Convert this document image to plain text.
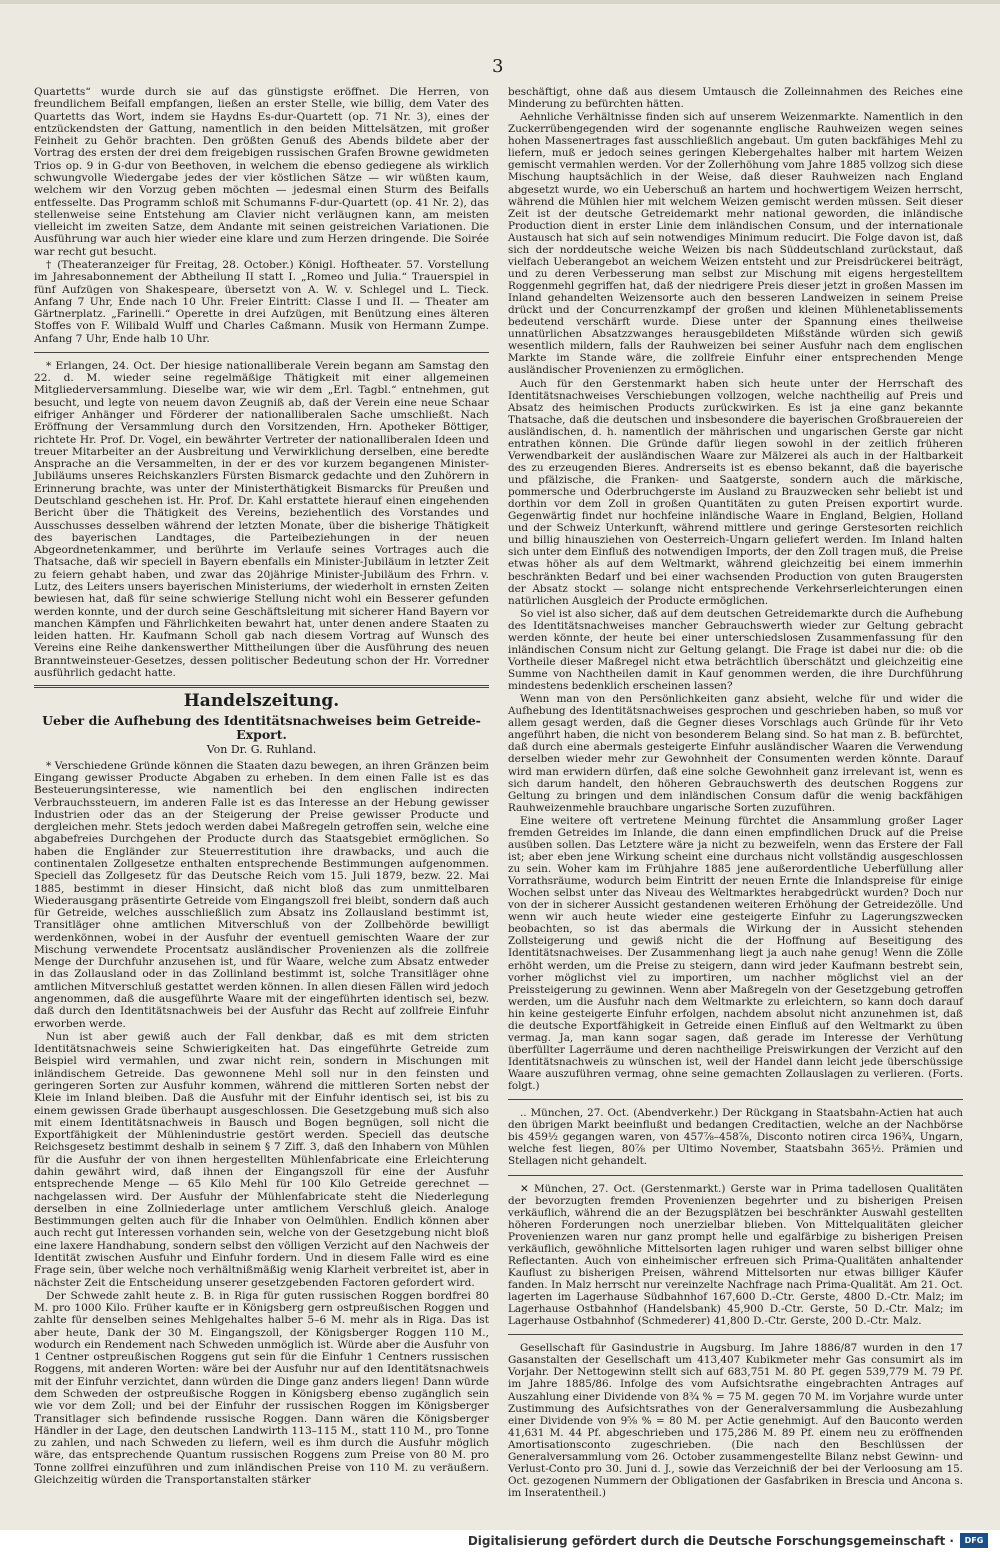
3

Quartetts“ wurde durch sie auf das günstigste eröffnet. Die Herren, von freundlichem Beifall empfangen, ließen an erster Stelle, wie billig, dem Vater des Quartetts das Wort, indem sie Haydns Es-dur-Quartett (op. 71 Nr. 3), eines der entzückendsten der Gattung, namentlich in den beiden Mittelsätzen, mit großer Feinheit zu Gehör brachten. Den größten Genuß des Abends bildete aber der Vortrag des ersten der drei dem freigebigen russischen Grafen Browne gewidmeten Trios op. 9 in G-dur von Beethoven, in welchem die ebenso gediegene als wirklich schwungvolle Wiedergabe jedes der vier köstlichen Sätze — wir wüßten kaum, welchem wir den Vorzug geben möchten — jedesmal einen Sturm des Beifalls entfesselte. Das Programm schloß mit Schumanns F-dur-Quartett (op. 41 Nr. 2), das stellenweise seine Entstehung am Clavier nicht verläugnen kann, am meisten vielleicht im zweiten Satze, dem Andante mit seinen geistreichen Variationen. Die Ausführung war auch hier wieder eine klare und zum Herzen dringende. Die Soirée war recht gut besucht.

† (Theateranzeiger für Freitag, 28. October.) Königl. Hoftheater. 57. Vorstellung im Jahresabonnement der Abtheilung II statt I. „Romeo und Julia.“ Trauerspiel in fünf Aufzügen von Shakespeare, übersetzt von A. W. v. Schlegel und L. Tieck. Anfang 7 Uhr, Ende nach 10 Uhr. Freier Eintritt: Classe I und II. — Theater am Gärtnerplatz. „Farinelli.“ Operette in drei Aufzügen, mit Benützung eines älteren Stoffes von F. Wilibald Wulff und Charles Caßmann. Musik von Hermann Zumpe. Anfang 7 Uhr, Ende halb 10 Uhr.

* Erlangen, 24. Oct. Der hiesige nationalliberale Verein begann am Samstag den 22. d. M. wieder seine regelmäßige Thätigkeit mit einer allgemeinen Mitgliederversammlung. Dieselbe war, wie wir dem „Erl. Tagbl.“ entnehmen, gut besucht, und legte von neuem davon Zeugniß ab, daß der Verein eine neue Schaar eifriger Anhänger und Förderer der nationalliberalen Sache umschließt. Nach Eröffnung der Versammlung durch den Vorsitzenden, Hrn. Apotheker Böttiger, richtete Hr. Prof. Dr. Vogel, ein bewährter Vertreter der nationalliberalen Ideen und treuer Mitarbeiter an der Ausbreitung und Verwirklichung derselben, eine beredte Ansprache an die Versammelten, in der er des vor kurzem begangenen Minister-Jubiläums unseres Reichskanzlers Fürsten Bismarck gedachte und den Zuhörern in Erinnerung brachte, was unter der Ministerthätigkeit Bismarcks für Preußen und Deutschland geschehen ist. Hr. Prof. Dr. Kahl erstattete hierauf einen eingehenden Bericht über die Thätigkeit des Vereins, beziehentlich des Vorstandes und Ausschusses desselben während der letzten Monate, über die bisherige Thätigkeit des bayerischen Landtages, die Parteibeziehungen in der neuen Abgeordnetenkammer, und berührte im Verlaufe seines Vortrages auch die Thatsache, daß wir speciell in Bayern ebenfalls ein Minister-Jubiläum in letzter Zeit zu feiern gehabt haben, und zwar das 20jährige Minister-Jubiläum des Frhrn. v. Lutz, des Leiters unsers bayerischen Ministeriums, der wiederholt in ernsten Zeiten bewiesen hat, daß für seine schwierige Stellung nicht wohl ein Besserer gefunden werden konnte, und der durch seine Geschäftsleitung mit sicherer Hand Bayern vor manchen Kämpfen und Fährlichkeiten bewahrt hat, unter denen andere Staaten zu leiden hatten. Hr. Kaufmann Scholl gab nach diesem Vortrag auf Wunsch des Vereins eine Reihe dankenswerther Mittheilungen über die Ausführung des neuen Branntweinsteuer-Gesetzes, dessen politischer Bedeutung schon der Hr. Vorredner ausführlich gedacht hatte.

Handelszeitung.
Ueber die Aufhebung des Identitätsnachweises beim Getreide-Export.
Von Dr. G. Ruhland.

* Verschiedene Gründe können die Staaten dazu bewegen, an ihren Gränzen beim Eingang gewisser Producte Abgaben zu erheben. In dem einen Falle ist es das Besteuerungsinteresse, wie namentlich bei den englischen indirecten Verbrauchssteuern, im anderen Falle ist es das Interesse an der Hebung gewisser Industrien oder das an der Steigerung der Preise gewisser Producte und dergleichen mehr. Stets jedoch werden dabei Maßregeln getroffen sein, welche eine abgabefreies Durchgehen der Producte durch das Staatsgebiet ermöglichen. So haben die Engländer zur Steuerrestitution ihre drawbacks, und auch die continentalen Zollgesetze enthalten entsprechende Bestimmungen aufgenommen. Speciell das Zollgesetz für das Deutsche Reich vom 15. Juli 1879, bezw. 22. Mai 1885, bestimmt in dieser Hinsicht, daß nicht bloß das zum unmittelbaren Wiederausgang präsentirte Getreide vom Eingangszoll frei bleibt, sondern daß auch für Getreide, welches ausschließlich zum Absatz ins Zollausland bestimmt ist, Transitläger ohne amtlichen Mitverschluß von der Zollbehörde bewilligt werdenkönnen, wobei in der Ausfuhr der eventuell gemischten Waare der zur Mischung verwendete Procentsatz ausländischer Provenienzen als die zollfreie Menge der Durchfuhr anzusehen ist, und für Waare, welche zum Absatz entweder in das Zollausland oder in das Zollinland bestimmt ist, solche Transitläger ohne amtlichen Mitverschluß gestattet werden können. In allen diesen Fällen wird jedoch angenommen, daß die ausgeführte Waare mit der eingeführten identisch sei, bezw. daß durch den Identitätsnachweis bei der Ausfuhr das Recht auf zollfreie Einfuhr erworben werde.

Nun ist aber gewiß auch der Fall denkbar, daß es mit dem stricten Identitätsnachweis seine Schwierigkeiten hat. Das eingeführte Getreide zum Beispiel wird vermahlen, und zwar nicht rein, sondern in Mischungen mit inländischem Getreide. Das gewonnene Mehl soll nur in den feinsten und geringeren Sorten zur Ausfuhr kommen, während die mittleren Sorten nebst der Kleie im Inland bleiben. Daß die Ausfuhr mit der Einfuhr identisch sei, ist bis zu einem gewissen Grade überhaupt ausgeschlossen. Die Gesetzgebung muß sich also mit einem Identitätsnachweis in Bausch und Bogen begnügen, soll nicht die Exportfähigkeit der Mühlenindustrie gestört werden. Speciell das deutsche Reichsgesetz bestimmt deshalb in seinem § 7 Ziff. 3, daß den Inhabern von Mühlen für die Ausfuhr der von ihnen hergestellten Mühlenfabricate eine Erleichterung dahin gewährt wird, daß ihnen der Eingangszoll für eine der Ausfuhr entsprechende Menge — 65 Kilo Mehl für 100 Kilo Getreide gerechnet — nachgelassen wird. Der Ausfuhr der Mühlenfabricate steht die Niederlegung derselben in eine Zollniederlage unter amtlichem Verschluß gleich. Analoge Bestimmungen gelten auch für die Inhaber von Oelmühlen. Endlich können aber auch recht gut Interessen vorhanden sein, welche von der Gesetzgebung nicht bloß eine laxere Handhabung, sondern selbst den völligen Verzicht auf den Nachweis der Identität zwischen Ausfuhr und Einfuhr fordern. Und in diesem Falle wird es eine Frage sein, über welche noch verhältnißmäßig wenig Klarheit verbreitet ist, aber in nächster Zeit die Entscheidung unserer gesetzgebenden Factoren gefordert wird.

Der Schwede zahlt heute z. B. in Riga für guten russischen Roggen bordfrei 80 M. pro 1000 Kilo. Früher kaufte er in Königsberg gern ostpreußischen Roggen und zahlte für denselben seines Mehlgehaltes halber 5–6 M. mehr als in Riga. Das ist aber heute, Dank der 30 M. Eingangszoll, der Königsberger Roggen 110 M., wodurch ein Rendement nach Schweden unmöglich ist. Würde aber die Ausfuhr von 1 Centner ostpreußischen Roggens gut sein für die Einfuhr 1 Centners russischen Roggens, mit anderen Worten: wäre bei der Ausfuhr nur auf den Identitätsnachweis mit der Einfuhr verzichtet, dann würden die Dinge ganz anders liegen! Dann würde dem Schweden der ostpreußische Roggen in Königsberg ebenso zugänglich sein wie vor dem Zoll; und bei der Einfuhr der russischen Roggen im Königsberger Transitlager sich befindende russische Roggen. Dann wären die Königsberger Händler in der Lage, den deutschen Landwirth 113–115 M., statt 110 M., pro Tonne zu zahlen, und nach Schweden zu liefern, weil es ihm durch die Ausfuhr möglich wäre, das entsprechende Quantum russischen Roggens zum Preise von 80 M. pro Tonne zollfrei einzuführen und zum inländischen Preise von 110 M. zu veräußern. Gleichzeitig würden die Transportanstalten stärker

beschäftigt, ohne daß aus diesem Umtausch die Zolleinnahmen des Reiches eine Minderung zu befürchten hätten.

Aehnliche Verhältnisse finden sich auf unserem Weizenmarkte. Namentlich in den Zuckerrübengegenden wird der sogenannte englische Rauhweizen wegen seines hohen Massenertrages fast ausschließlich angebaut. Um guten backfähiges Mehl zu liefern, muß er jedoch seines geringen Klebergehaltes halber mit hartem Weizen gemischt vermahlen werden. Vor der Zollerhöhung vom Jahre 1885 vollzog sich diese Mischung hauptsächlich in der Weise, daß dieser Rauhweizen nach England abgesetzt wurde, wo ein Ueberschuß an hartem und hochwertigem Weizen herrscht, während die Mühlen hier mit welchem Weizen gemischt werden müssen. Seit dieser Zeit ist der deutsche Getreidemarkt mehr national geworden, die inländische Production dient in erster Linie dem inländischen Consum, und der internationale Austausch hat sich auf sein notwendiges Minimum reducirt. Die Folge davon ist, daß sich der norddeutsche weiche Weizen bis nach Süddeutschland zurückstaut, daß vielfach Ueberangebot an weichem Weizen entsteht und zur Preisdrückerei beiträgt, und zu deren Verbesserung man selbst zur Mischung mit eigens hergestelltem Roggenmehl gegriffen hat, daß der niedrigere Preis dieser jetzt in großen Massen im Inland gehandelten Weizensorte auch den besseren Landweizen in seinem Preise drückt und der Concurrenzkampf der großen und kleinen Mühlenetablissements bedeutend verschärft wurde. Diese unter der Spannung eines theilweise unnatürlichen Absatzzwanges herausgebildeten Mißstände würden sich gewiß wesentlich mildern, falls der Rauhweizen bei seiner Ausfuhr nach dem englischen Markte im Stande wäre, die zollfreie Einfuhr einer entsprechenden Menge ausländischer Provenienzen zu ermöglichen.

Auch für den Gerstenmarkt haben sich heute unter der Herrschaft des Identitätsnachweises Verschiebungen vollzogen, welche nachtheilig auf Preis und Absatz des heimischen Products zurückwirken. Es ist ja eine ganz bekannte Thatsache, daß die deutschen und insbesondere die bayerischen Großbrauereien der ausländischen, d. h. namentlich der mährischen und ungarischen Gerste gar nicht entrathen können. Die Gründe dafür liegen sowohl in der zeitlich früheren Verwendbarkeit der ausländischen Waare zur Mälzerei als auch in der Haltbarkeit des zu erzeugenden Bieres. Andrerseits ist es ebenso bekannt, daß die bayerische und pfälzische, die Franken- und Saatgerste, sondern auch die märkische, pommersche und Oderbruchgerste im Ausland zu Brauzwecken sehr beliebt ist und dorthin vor dem Zoll in großen Quantitäten zu guten Preisen exportirt wurde. Gegenwärtig findet nur hochfeine inländische Waare in England, Belgien, Holland und der Schweiz Unterkunft, während mittlere und geringe Gerstesorten reichlich und billig hinausziehen von Oesterreich-Ungarn geliefert werden. Im Inland halten sich unter dem Einfluß des notwendigen Imports, der den Zoll tragen muß, die Preise etwas höher als auf dem Weltmarkt, während gleichzeitig bei einem immerhin beschränkten Bedarf und bei einer wachsenden Production von guten Braugersten der Absatz stockt — solange nicht entsprechende Verkehrserleichterungen einen natürlichen Ausgleich der Producte ermöglichen.

So viel ist also sicher, daß auf dem deutschen Getreidemarkte durch die Aufhebung des Identitätsnachweises mancher Gebrauchswerth wieder zur Geltung gebracht werden könnte, der heute bei einer unterschiedslosen Zusammenfassung für den inländischen Consum nicht zur Geltung gelangt. Die Frage ist dabei nur die: ob die Vortheile dieser Maßregel nicht etwa beträchtlich überschätzt und gleichzeitig eine Summe von Nachtheilen damit in Kauf genommen werden, die ihre Durchführung mindestens bedenklich erscheinen lassen?

Wenn man von den Persönlichkeiten ganz absieht, welche für und wider die Aufhebung des Identitätsnachweises gesprochen und geschrieben haben, so muß vor allem gesagt werden, daß die Gegner dieses Vorschlags auch Gründe für ihr Veto angeführt haben, die nicht von besonderem Belang sind. So hat man z. B. befürchtet, daß durch eine abermals gesteigerte Einfuhr ausländischer Waaren die Verwendung derselben wieder mehr zur Gewohnheit der Consumenten werden könnte. Darauf wird man erwidern dürfen, daß eine solche Gewohnheit ganz irrelevant ist, wenn es sich darum handelt, den höheren Gebrauchswerth des deutschen Roggens zur Geltung zu bringen und dem inländischen Consum dafür die wenig backfähigen Rauhweizenmehle brauchbare ungarische Sorten zuzuführen.

Eine weitere oft vertretene Meinung fürchtet die Ansammlung großer Lager fremden Getreides im Inlande, die dann einen empfindlichen Druck auf die Preise ausüben sollen. Das Letztere wäre ja nicht zu bezweifeln, wenn das Erstere der Fall ist; aber eben jene Wirkung scheint eine durchaus nicht vollständig ausgeschlossen zu sein. Woher kam im Frühjahre 1885 jene außerordentliche Ueberfüllung aller Vorrathsräume, wodurch beim Eintritt der neuen Ernte die Inlandspreise für einige Wochen selbst unter das Niveau des Weltmarktes herabgedrückt wurden? Doch nur von der in sicherer Aussicht gestandenen weiteren Erhöhung der Getreidezölle. Und wenn wir auch heute wieder eine gesteigerte Einfuhr zu Lagerungszwecken beobachten, so ist das abermals die Wirkung der in Aussicht stehenden Zollsteigerung und gewiß nicht die der Hoffnung auf Beseitigung des Identitätsnachweises. Der Zusammenhang liegt ja auch nahe genug! Wenn die Zölle erhöht werden, um die Preise zu steigern, dann wird jeder Kaufmann bestrebt sein, vorher möglichst viel zu importiren, um nachher möglichst viel an der Preissteigerung zu gewinnen. Wenn aber Maßregeln von der Gesetzgebung getroffen werden, um die Ausfuhr nach dem Weltmarkte zu erleichtern, so kann doch darauf hin keine gesteigerte Einfuhr erfolgen, nachdem absolut nicht anzunehmen ist, daß die deutsche Exportfähigkeit in Getreide einen Einfluß auf den Weltmarkt zu üben vermag. Ja, man kann sogar sagen, daß gerade im Interesse der Verhütung überfüllter Lagerräume und deren nachtheilige Preiswirkungen der Verzicht auf den Identitätsnachweis zu wünschen ist, weil der Handel dann leicht jede überschüssige Waare auszuführen vermag, ohne seine gemachten Zollauslagen zu verlieren. (Forts. folgt.)

.. München, 27. Oct. (Abendverkehr.) Der Rückgang in Staatsbahn-Actien hat auch den übrigen Markt beeinflußt und bedangen Creditactien, welche an der Nachbörse bis 459½ gegangen waren, von 457⅞–458⅞, Disconto notiren circa 196¾, Ungarn, welche fest liegen, 80⅞ per Ultimo November, Staatsbahn 365½. Prämien und Stellagen nicht gehandelt.

✕ München, 27. Oct. (Gerstenmarkt.) Gerste war in Prima tadellosen Qualitäten der bevorzugten fremden Provenienzen begehrter und zu bisherigen Preisen verkäuflich, während die an der Bezugsplätzen bei beschränkter Auswahl gestellten höheren Forderungen noch unerzielbar blieben. Von Mittelqualitäten gleicher Provenienzen waren nur ganz prompt helle und egalfärbige zu bisherigen Preisen verkäuflich, gewöhnliche Mittelsorten lagen ruhiger und waren selbst billiger ohne Reflectanten. Auch von einheimischer erfreuen sich Prima-Qualitäten anhaltender Kauflust zu bisherigen Preisen, während Mittelsorten nur etwas billiger Käufer fanden. In Malz herrscht nur vereinzelte Nachfrage nach Prima-Qualität. Am 21. Oct. lagerten im Lagerhause Südbahnhof 167,600 D.-Ctr. Gerste, 4800 D.-Ctr. Malz; im Lagerhause Ostbahnhof (Handelsbank) 45,900 D.-Ctr. Gerste, 50 D.-Ctr. Malz; im Lagerhause Ostbahnhof (Schmederer) 41,800 D.-Ctr. Gerste, 200 D.-Ctr. Malz.

Gesellschaft für Gasindustrie in Augsburg. Im Jahre 1886/87 wurden in den 17 Gasanstalten der Gesellschaft um 413,407 Kubikmeter mehr Gas consumirt als im Vorjahr. Der Nettogewinn stellt sich auf 683,751 M. 80 Pf. gegen 539,779 M. 79 Pf. im Jahre 1885/86. Infolge des vom Aufsichtsrathe eingebrachten Antrages auf Auszahlung einer Dividende von 8¾ % = 75 M. gegen 70 M. im Vorjahre wurde unter Zustimmung des Aufsichtsrathes von der Generalversammlung die Ausbezahlung einer Dividende von 9⅝ % = 80 M. per Actie genehmigt. Auf den Bauconto werden 41,631 M. 44 Pf. abgeschrieben und 175,286 M. 89 Pf. einem neu zu eröffnenden Amortisationsconto zugeschrieben. (Die nach den Beschlüssen der Generalversammlung vom 26. October zusammengestellte Bilanz nebst Gewinn- und Verlust-Conto pro 30. Juni d. J., sowie das Verzeichniß der bei der Verloosung am 15. Oct. gezogenen Nummern der Obligationen der Gasfabriken in Brescia und Ancona s. im Inseratentheil.)

Digitalisierung gefördert durch die Deutsche Forschungsgemeinschaft ·	DFG
